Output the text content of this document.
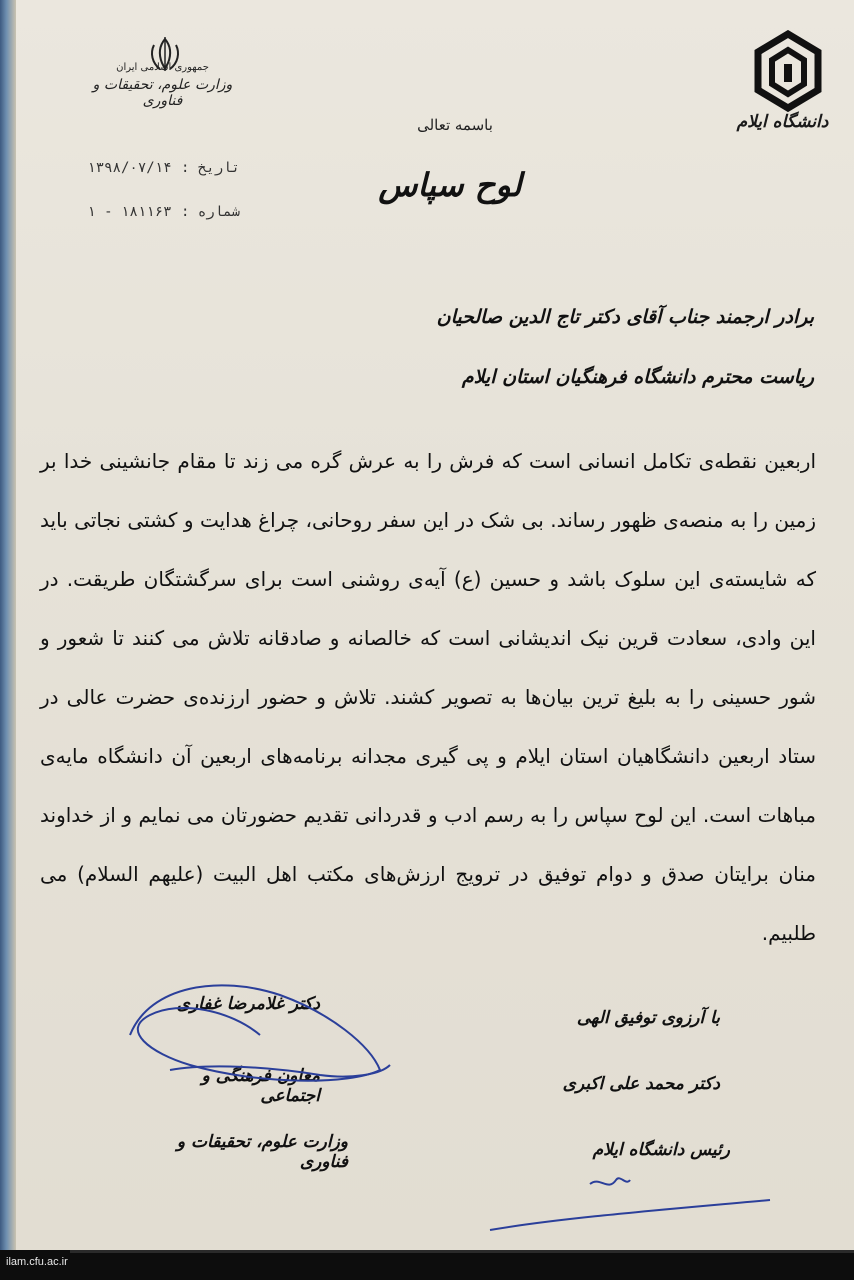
جمهوری اسلامی ایران
وزارت علوم، تحقیقات و فناوری
دانشگاه ایلام
باسمه تعالی
لوح سپاس
تاریخ : ۱۳۹۸/۰۷/۱۴
شماره : ۱۸۱۱۶۳ - ۱
برادر ارجمند جناب آقای دکتر تاج الدین صالحیان
ریاست محترم دانشگاه فرهنگیان استان ایلام
اربعین نقطه‌ی تکامل انسانی است که فرش را به عرش گره می زند تا مقام جانشینی خدا بر زمین را به منصه‌ی ظهور رساند. بی شک در این سفر روحانی، چراغ هدایت و کشتی نجاتی باید که شایسته‌ی این سلوک باشد و حسین (ع) آیه‌ی روشنی است برای سرگشتگان طریقت. در این وادی، سعادت قرین نیک اندیشانی است که خالصانه و صادقانه تلاش می کنند تا شعور و شور حسینی را به بلیغ ترین بیان‌ها به تصویر کشند. تلاش و حضور ارزنده‌ی حضرت عالی در ستاد اربعین دانشگاهیان استان ایلام و پی گیری مجدانه برنامه‌های اربعین آن دانشگاه مایه‌ی مباهات است. این لوح سپاس را به رسم ادب و قدردانی تقدیم حضورتان می نمایم و از خداوند منان برایتان صدق و دوام توفیق در ترویج ارزش‌های مکتب اهل البیت (علیهم السلام) می طلبیم.
دکتر غلامرضا غفاری
معاون فرهنگی و اجتماعی
وزارت علوم، تحقیقات و فناوری
با آرزوی توفیق الهی
دکتر محمد علی اکبری
رئیس دانشگاه ایلام
ilam.cfu.ac.ir
